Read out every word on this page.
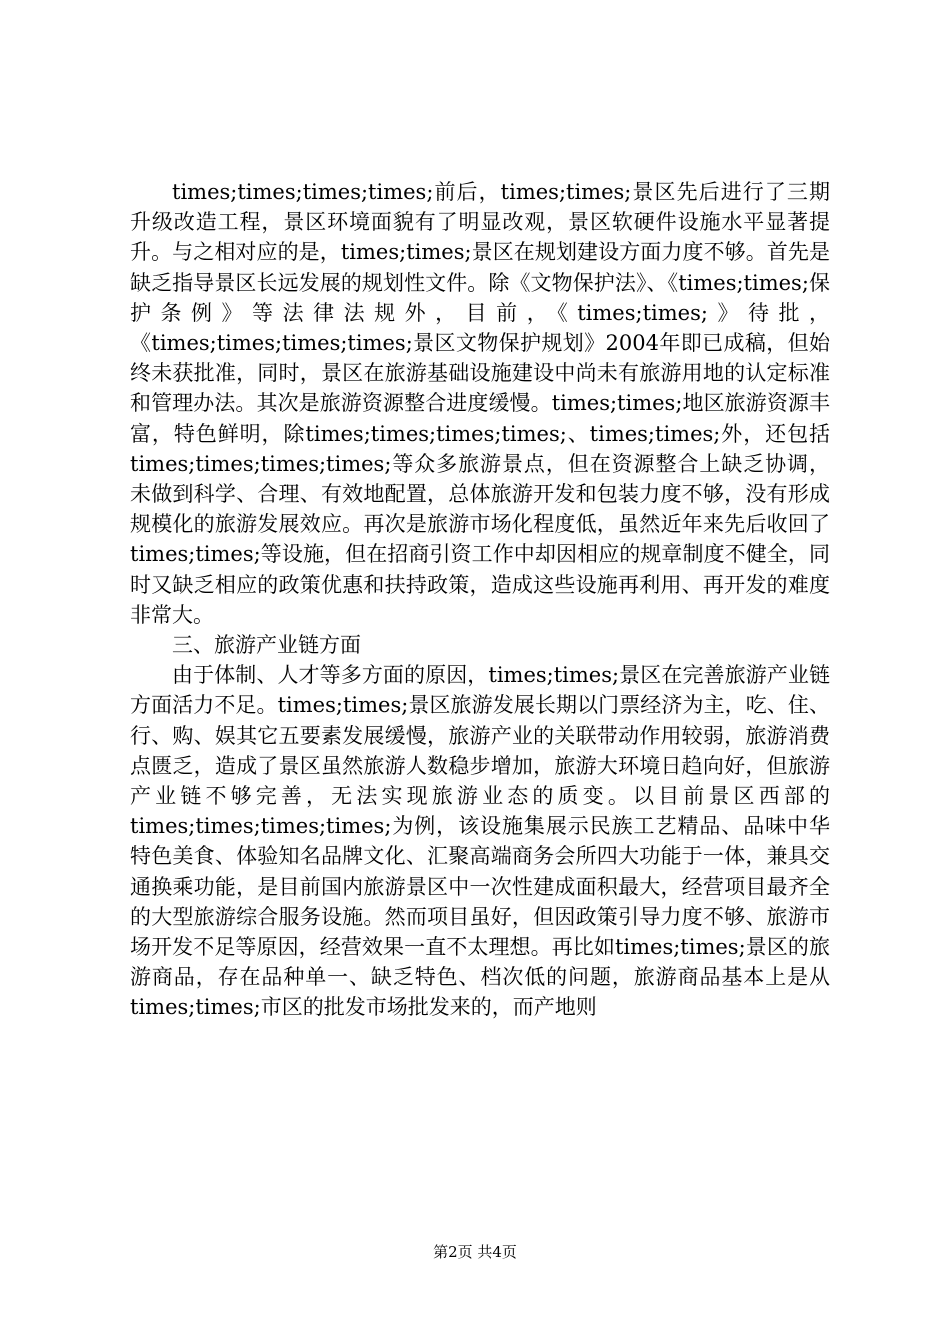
times;times;times;times;前后，times;times;景区先后进行了三期升级改造工程，景区环境面貌有了明显改观，景区软硬件设施水平显著提升。与之相对应的是，times;times;景区在规划建设方面力度不够。首先是缺乏指导景区长远发展的规划性文件。除《文物保护法》、《times;times;保护条例》等法律法规外，目前，《times;times;》待批，《times;times;times;times;景区文物保护规划》2004年即已成稿，但始终未获批准，同时，景区在旅游基础设施建设中尚未有旅游用地的认定标准和管理办法。其次是旅游资源整合进度缓慢。times;times;地区旅游资源丰富，特色鲜明，除times;times;times;times;、times;times;外，还包括times;times;times;times;等众多旅游景点，但在资源整合上缺乏协调，未做到科学、合理、有效地配置，总体旅游开发和包装力度不够，没有形成规模化的旅游发展效应。再次是旅游市场化程度低，虽然近年来先后收回了times;times;等设施，但在招商引资工作中却因相应的规章制度不健全，同时又缺乏相应的政策优惠和扶持政策，造成这些设施再利用、再开发的难度非常大。

三、旅游产业链方面

由于体制、人才等多方面的原因，times;times;景区在完善旅游产业链方面活力不足。times;times;景区旅游发展长期以门票经济为主，吃、住、行、购、娱其它五要素发展缓慢，旅游产业的关联带动作用较弱，旅游消费点匮乏，造成了景区虽然旅游人数稳步增加，旅游大环境日趋向好，但旅游产业链不够完善，无法实现旅游业态的质变。以目前景区西部的times;times;times;times;为例，该设施集展示民族工艺精品、品味中华特色美食、体验知名品牌文化、汇聚高端商务会所四大功能于一体，兼具交通换乘功能，是目前国内旅游景区中一次性建成面积最大，经营项目最齐全的大型旅游综合服务设施。然而项目虽好，但因政策引导力度不够、旅游市场开发不足等原因，经营效果一直不太理想。再比如times;times;景区的旅游商品，存在品种单一、缺乏特色、档次低的问题，旅游商品基本上是从times;times;市区的批发市场批发来的，而产地则

第2页 共4页
